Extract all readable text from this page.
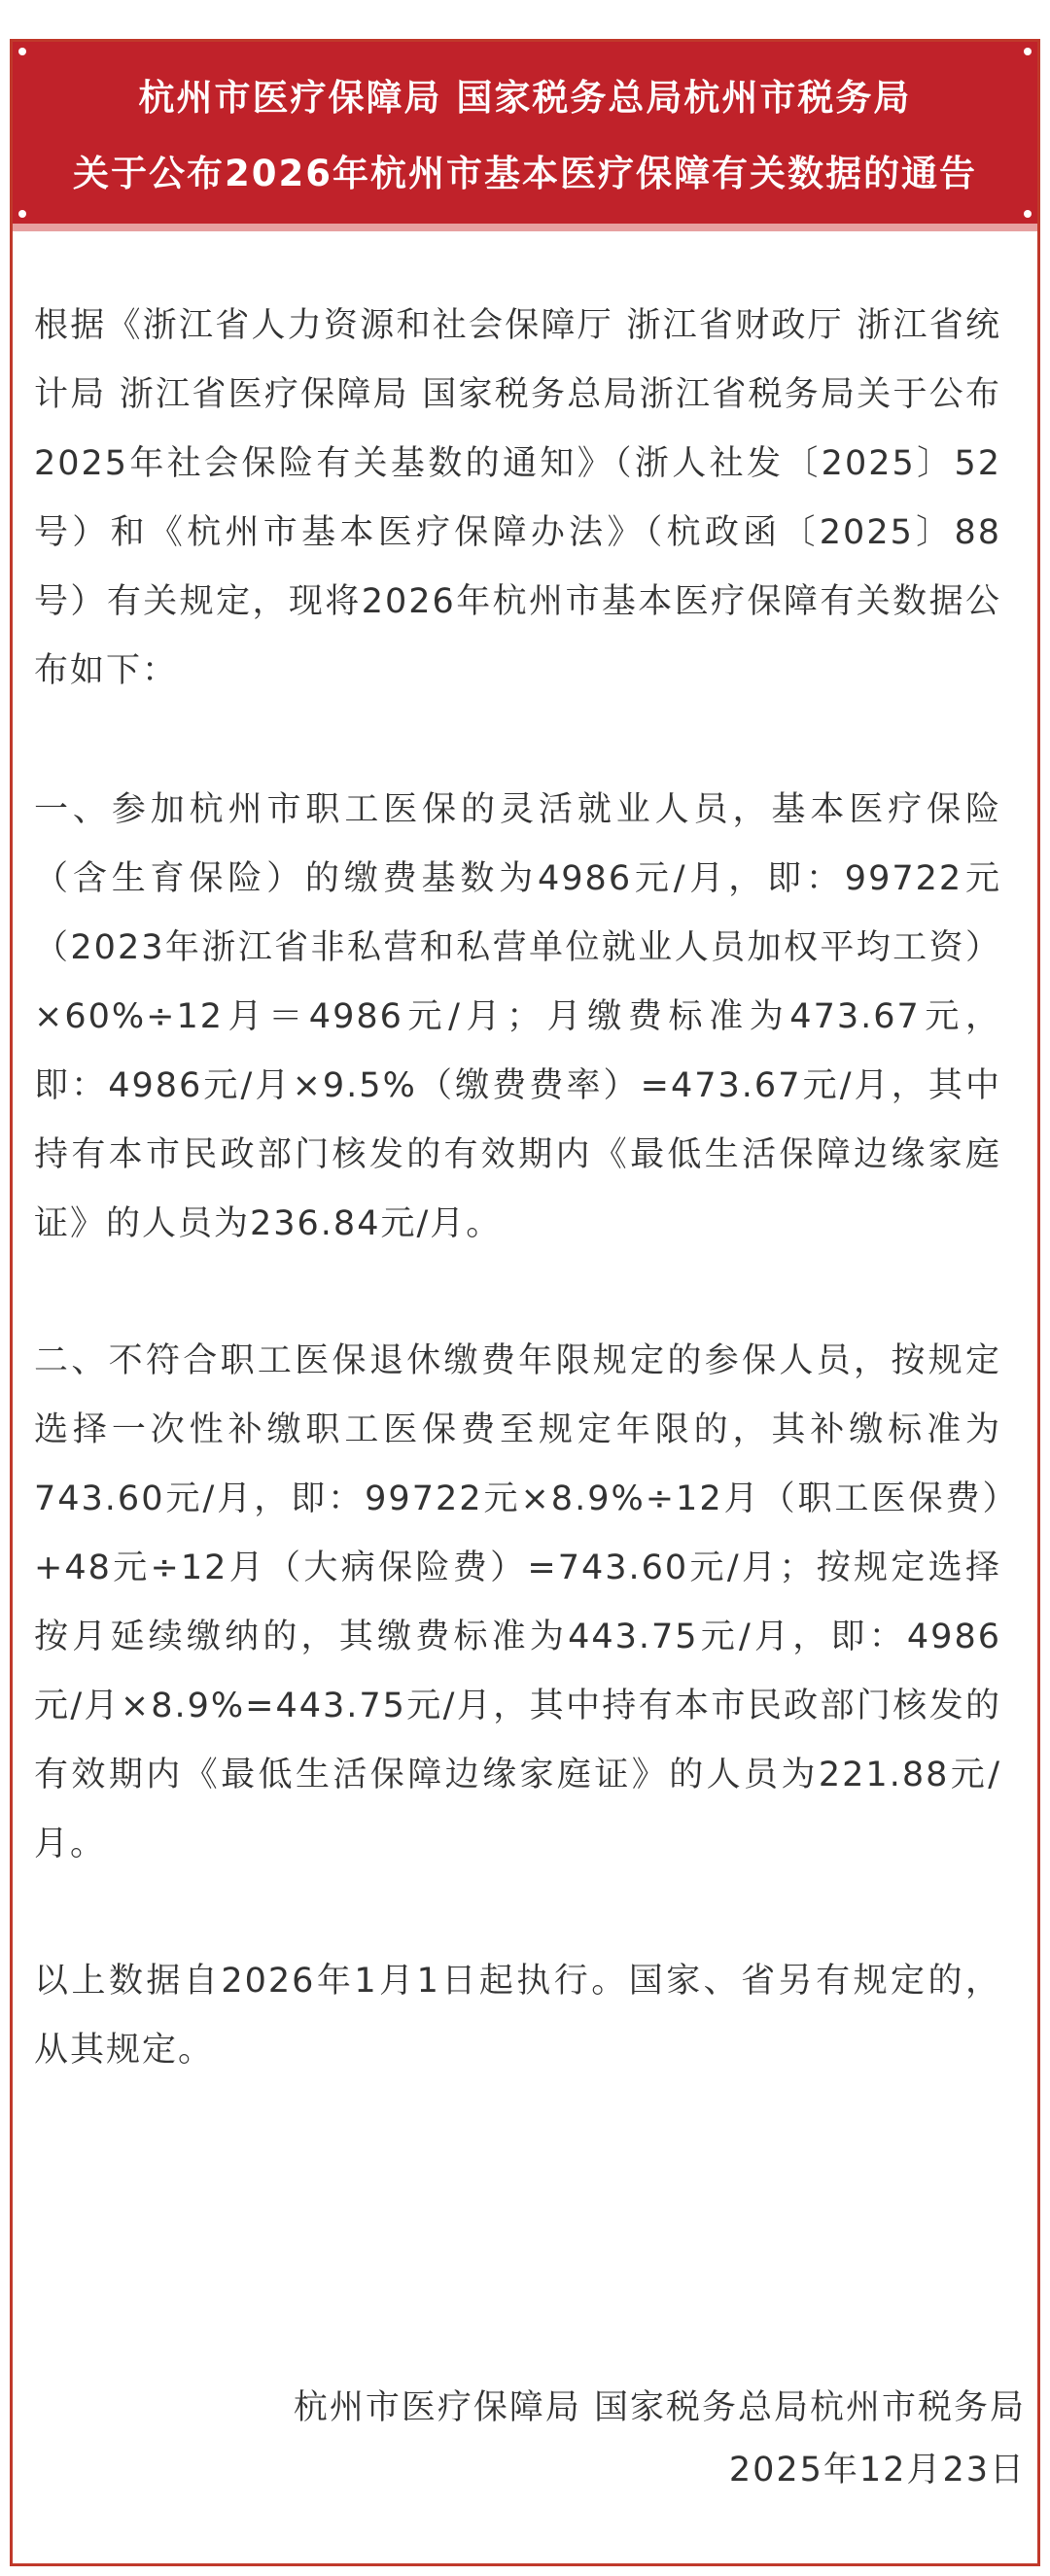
杭州市医疗保障局 国家税务总局杭州市税务局
关于公布2026年杭州市基本医疗保障有关数据的通告

根据《浙江省人力资源和社会保障厅 浙江省财政厅 浙江省统计局 浙江省医疗保障局 国家税务总局浙江省税务局关于公布2025年社会保险有关基数的通知》（浙人社发〔2025〕52号）和《杭州市基本医疗保障办法》（杭政函〔2025〕88号）有关规定，现将2026年杭州市基本医疗保障有关数据公布如下：

一、参加杭州市职工医保的灵活就业人员，基本医疗保险（含生育保险）的缴费基数为4986元/月，即：99722元（2023年浙江省非私营和私营单位就业人员加权平均工资）×60%÷12月＝4986元/月；月缴费标准为473.67元，即：4986元/月×9.5%（缴费费率）=473.67元/月，其中持有本市民政部门核发的有效期内《最低生活保障边缘家庭证》的人员为236.84元/月。

二、不符合职工医保退休缴费年限规定的参保人员，按规定选择一次性补缴职工医保费至规定年限的，其补缴标准为743.60元/月，即：99722元×8.9%÷12月（职工医保费）+48元÷12月（大病保险费）=743.60元/月；按规定选择按月延续缴纳的，其缴费标准为443.75元/月，即：4986元/月×8.9%=443.75元/月，其中持有本市民政部门核发的有效期内《最低生活保障边缘家庭证》的人员为221.88元/月。

以上数据自2026年1月1日起执行。国家、省另有规定的，从其规定。

杭州市医疗保障局 国家税务总局杭州市税务局
2025年12月23日
